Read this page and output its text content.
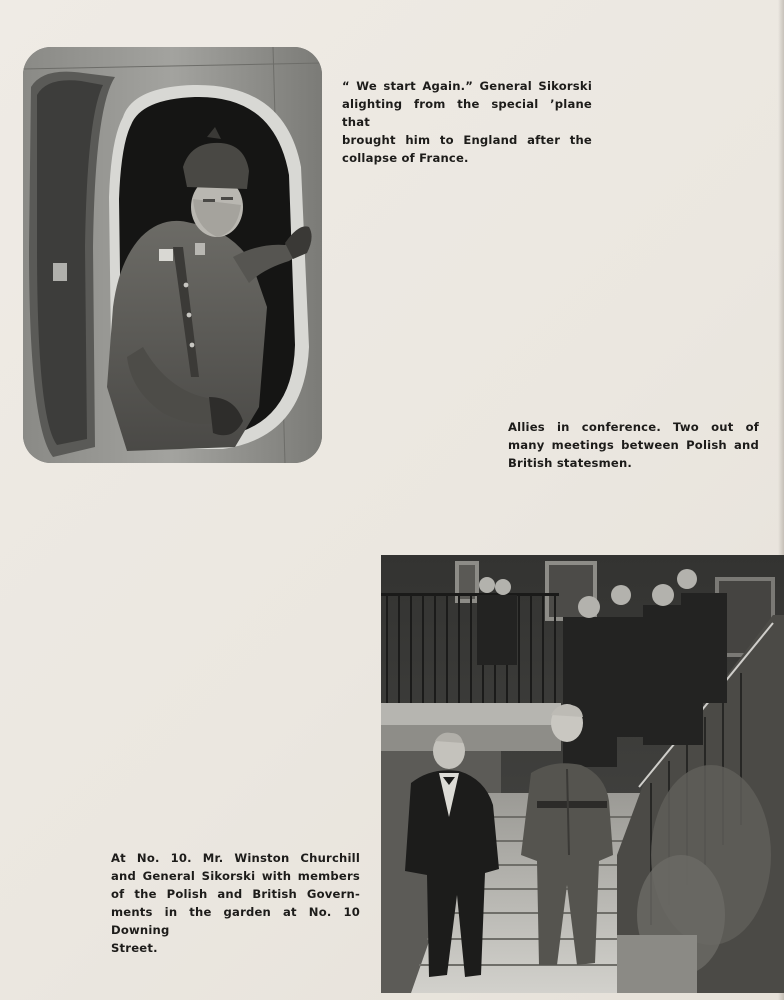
“ We start Again.” General Sikorski
alighting from the special ’plane that
brought him to England after the
collapse of France.
Allies in conference. Two out of
many meetings between Polish and
British statesmen.
At No. 10. Mr. Winston Churchill
and General Sikorski with members
of the Polish and British Govern-
ments in the garden at No. 10 Downing
Street.
